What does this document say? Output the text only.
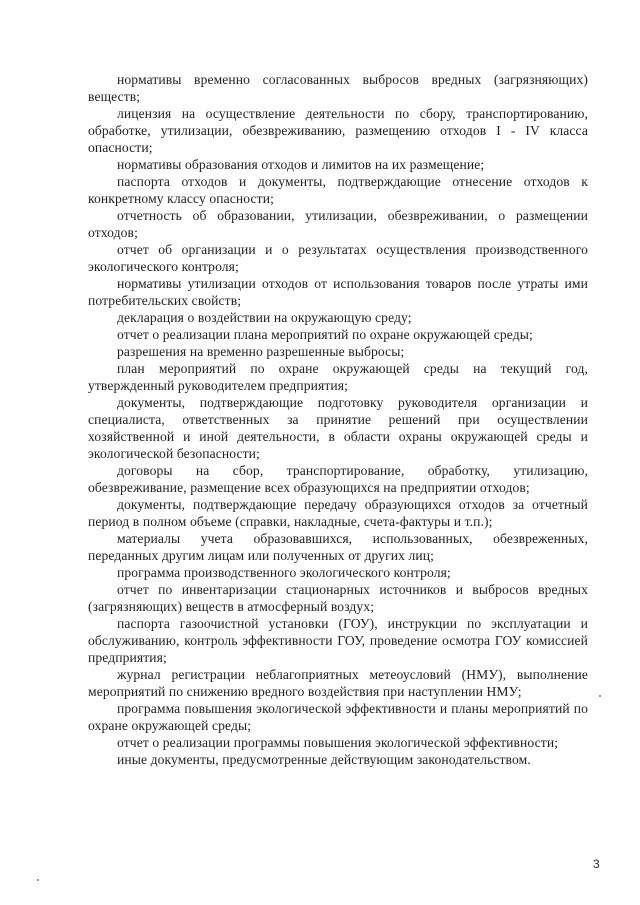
нормативы временно согласованных выбросов вредных (загрязняющих) веществ;

лицензия на осуществление деятельности по сбору, транспортированию, обработке, утилизации, обезвреживанию, размещению отходов I - IV класса опасности;

нормативы образования отходов и лимитов на их размещение;

паспорта отходов и документы, подтверждающие отнесение отходов к конкретному классу опасности;

отчетность об образовании, утилизации, обезвреживании, о размещении отходов;

отчет об организации и о результатах осуществления производственного экологического контроля;

нормативы утилизации отходов от использования товаров после утраты ими потребительских свойств;

декларация о воздействии на окружающую среду;

отчет о реализации плана мероприятий по охране окружающей среды;

разрешения на временно разрешенные выбросы;

план мероприятий по охране окружающей среды на текущий год, утвержденный руководителем предприятия;

документы, подтверждающие подготовку руководителя организации и специалиста, ответственных за принятие решений при осуществлении хозяйственной и иной деятельности, в области охраны окружающей среды и экологической безопасности;

договоры на сбор, транспортирование, обработку, утилизацию, обезвреживание, размещение всех образующихся на предприятии отходов;

документы, подтверждающие передачу образующихся отходов за отчетный период в полном объеме (справки, накладные, счета-фактуры и т.п.);

материалы учета образовавшихся, использованных, обезвреженных, переданных другим лицам или полученных от других лиц;

программа производственного экологического контроля;

отчет по инвентаризации стационарных источников и выбросов вредных (загрязняющих) веществ в атмосферный воздух;

паспорта газоочистной установки (ГОУ), инструкции по эксплуатации и обслуживанию, контроль эффективности ГОУ, проведение осмотра ГОУ комиссией предприятия;

журнал регистрации неблагоприятных метеоусловий (НМУ), выполнение мероприятий по снижению вредного воздействия при наступлении НМУ;

программа повышения экологической эффективности и планы мероприятий по охране окружающей среды;

отчет о реализации программы повышения экологической эффективности;

иные документы, предусмотренные действующим законодательством.

3
